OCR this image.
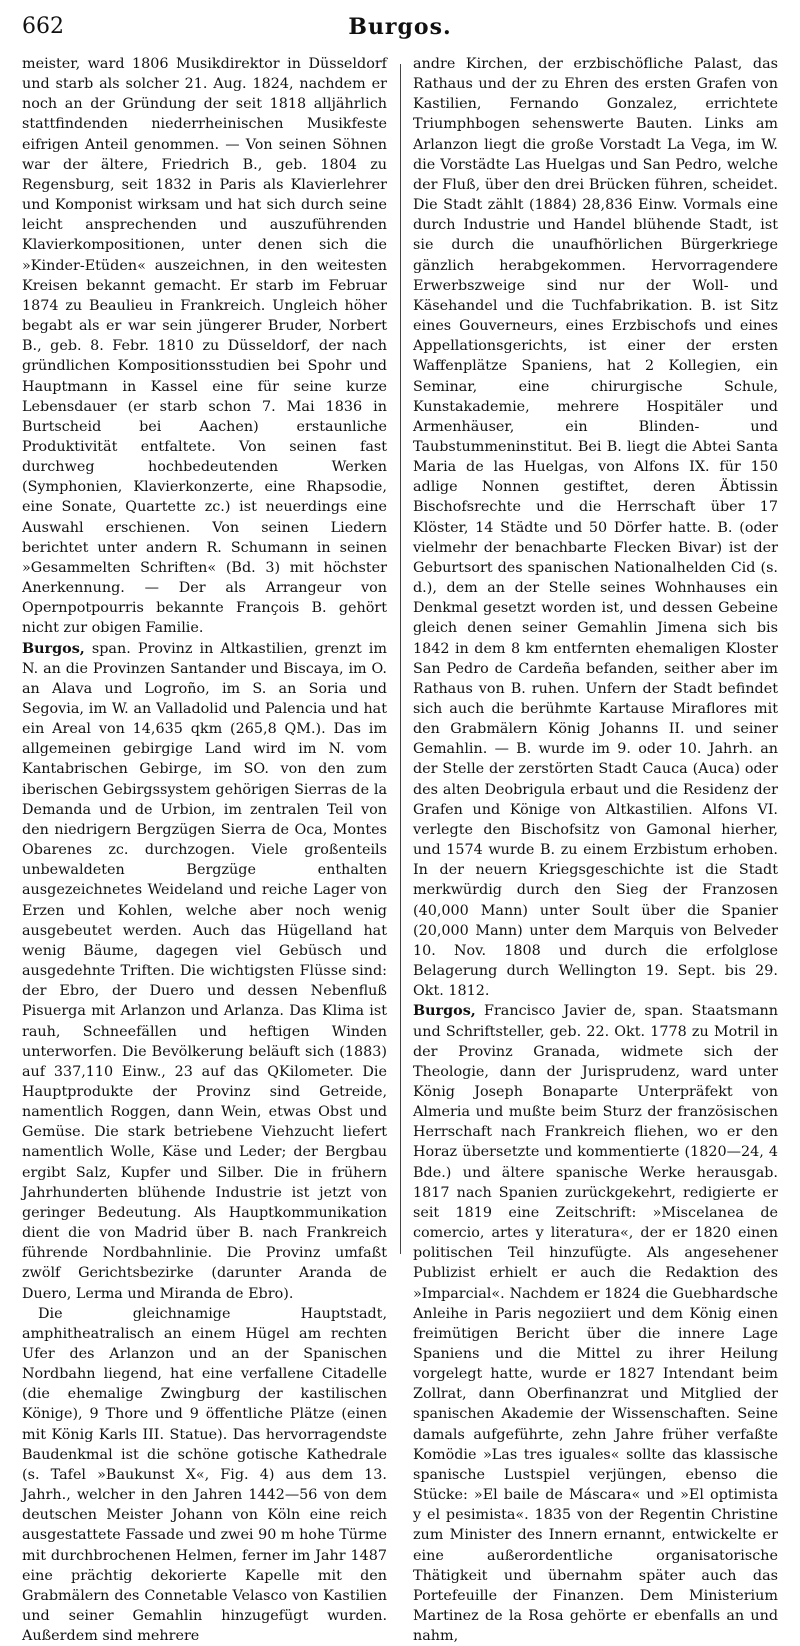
662	Burgos.

meister, ward 1806 Musikdirektor in Düsseldorf und starb als solcher 21. Aug. 1824, nachdem er noch an der Gründung der seit 1818 alljährlich stattfindenden niederrheinischen Musikfeste eifrigen Anteil genommen. — Von seinen Söhnen war der ältere, Friedrich B., geb. 1804 zu Regensburg, seit 1832 in Paris als Klavierlehrer und Komponist wirksam und hat sich durch seine leicht ansprechenden und auszuführenden Klavierkompositionen, unter denen sich die »Kinder-Etüden« auszeichnen, in den weitesten Kreisen bekannt gemacht. Er starb im Februar 1874 zu Beaulieu in Frankreich. Ungleich höher begabt als er war sein jüngerer Bruder, Norbert B., geb. 8. Febr. 1810 zu Düsseldorf, der nach gründlichen Kompositionsstudien bei Spohr und Hauptmann in Kassel eine für seine kurze Lebensdauer (er starb schon 7. Mai 1836 in Burtscheid bei Aachen) erstaunliche Produktivität entfaltete. Von seinen fast durchweg hochbedeutenden Werken (Symphonien, Klavierkonzerte, eine Rhapsodie, eine Sonate, Quartette zc.) ist neuerdings eine Auswahl erschienen. Von seinen Liedern berichtet unter andern R. Schumann in seinen »Gesammelten Schriften« (Bd. 3) mit höchster Anerkennung. — Der als Arrangeur von Opernpotpourris bekannte François B. gehört nicht zur obigen Familie.

Burgos, span. Provinz in Altkastilien, grenzt im N. an die Provinzen Santander und Biscaya, im O. an Alava und Logroño, im S. an Soria und Segovia, im W. an Valladolid und Palencia und hat ein Areal von 14,635 qkm (265,8 QM.). Das im allgemeinen gebirgige Land wird im N. vom Kantabrischen Gebirge, im SO. von den zum iberischen Gebirgssystem gehörigen Sierras de la Demanda und de Urbion, im zentralen Teil von den niedrigern Bergzügen Sierra de Oca, Montes Obarenes zc. durchzogen. Viele großenteils unbewaldeten Bergzüge enthalten ausgezeichnetes Weideland und reiche Lager von Erzen und Kohlen, welche aber noch wenig ausgebeutet werden. Auch das Hügelland hat wenig Bäume, dagegen viel Gebüsch und ausgedehnte Triften. Die wichtigsten Flüsse sind: der Ebro, der Duero und dessen Nebenfluß Pisuerga mit Arlanzon und Arlanza. Das Klima ist rauh, Schneefällen und heftigen Winden unterworfen. Die Bevölkerung beläuft sich (1883) auf 337,110 Einw., 23 auf das QKilometer. Die Hauptprodukte der Provinz sind Getreide, namentlich Roggen, dann Wein, etwas Obst und Gemüse. Die stark betriebene Viehzucht liefert namentlich Wolle, Käse und Leder; der Bergbau ergibt Salz, Kupfer und Silber. Die in frühern Jahrhunderten blühende Industrie ist jetzt von geringer Bedeutung. Als Hauptkommunikation dient die von Madrid über B. nach Frankreich führende Nordbahnlinie. Die Provinz umfaßt zwölf Gerichtsbezirke (darunter Aranda de Duero, Lerma und Miranda de Ebro).

Die gleichnamige Hauptstadt, amphitheatralisch an einem Hügel am rechten Ufer des Arlanzon und an der Spanischen Nordbahn liegend, hat eine verfallene Citadelle (die ehemalige Zwingburg der kastilischen Könige), 9 Thore und 9 öffentliche Plätze (einen mit König Karls III. Statue). Das hervorragendste Baudenkmal ist die schöne gotische Kathedrale (s. Tafel »Baukunst X«, Fig. 4) aus dem 13. Jahrh., welcher in den Jahren 1442—56 von dem deutschen Meister Johann von Köln eine reich ausgestattete Fassade und zwei 90 m hohe Türme mit durchbrochenen Helmen, ferner im Jahr 1487 eine prächtig dekorierte Kapelle mit den Grabmälern des Connetable Velasco von Kastilien und seiner Gemahlin hinzugefügt wurden. Außerdem sind mehrere

andre Kirchen, der erzbischöfliche Palast, das Rathaus und der zu Ehren des ersten Grafen von Kastilien, Fernando Gonzalez, errichtete Triumphbogen sehenswerte Bauten. Links am Arlanzon liegt die große Vorstadt La Vega, im W. die Vorstädte Las Huelgas und San Pedro, welche der Fluß, über den drei Brücken führen, scheidet. Die Stadt zählt (1884) 28,836 Einw. Vormals eine durch Industrie und Handel blühende Stadt, ist sie durch die unaufhörlichen Bürgerkriege gänzlich herabgekommen. Hervorragendere Erwerbszweige sind nur der Woll- und Käsehandel und die Tuchfabrikation. B. ist Sitz eines Gouverneurs, eines Erzbischofs und eines Appellationsgerichts, ist einer der ersten Waffenplätze Spaniens, hat 2 Kollegien, ein Seminar, eine chirurgische Schule, Kunstakademie, mehrere Hospitäler und Armenhäuser, ein Blinden- und Taubstummeninstitut. Bei B. liegt die Abtei Santa Maria de las Huelgas, von Alfons IX. für 150 adlige Nonnen gestiftet, deren Äbtissin Bischofsrechte und die Herrschaft über 17 Klöster, 14 Städte und 50 Dörfer hatte. B. (oder vielmehr der benachbarte Flecken Bivar) ist der Geburtsort des spanischen Nationalhelden Cid (s. d.), dem an der Stelle seines Wohnhauses ein Denkmal gesetzt worden ist, und dessen Gebeine gleich denen seiner Gemahlin Jimena sich bis 1842 in dem 8 km entfernten ehemaligen Kloster San Pedro de Cardeña befanden, seither aber im Rathaus von B. ruhen. Unfern der Stadt befindet sich auch die berühmte Kartause Miraflores mit den Grabmälern König Johanns II. und seiner Gemahlin. — B. wurde im 9. oder 10. Jahrh. an der Stelle der zerstörten Stadt Cauca (Auca) oder des alten Deobrigula erbaut und die Residenz der Grafen und Könige von Altkastilien. Alfons VI. verlegte den Bischofsitz von Gamonal hierher, und 1574 wurde B. zu einem Erzbistum erhoben. In der neuern Kriegsgeschichte ist die Stadt merkwürdig durch den Sieg der Franzosen (40,000 Mann) unter Soult über die Spanier (20,000 Mann) unter dem Marquis von Belveder 10. Nov. 1808 und durch die erfolglose Belagerung durch Wellington 19. Sept. bis 29. Okt. 1812.

Burgos, Francisco Javier de, span. Staatsmann und Schriftsteller, geb. 22. Okt. 1778 zu Motril in der Provinz Granada, widmete sich der Theologie, dann der Jurisprudenz, ward unter König Joseph Bonaparte Unterpräfekt von Almeria und mußte beim Sturz der französischen Herrschaft nach Frankreich fliehen, wo er den Horaz übersetzte und kommentierte (1820—24, 4 Bde.) und ältere spanische Werke herausgab. 1817 nach Spanien zurückgekehrt, redigierte er seit 1819 eine Zeitschrift: »Miscelanea de comercio, artes y literatura«, der er 1820 einen politischen Teil hinzufügte. Als angesehener Publizist erhielt er auch die Redaktion des »Imparcial«. Nachdem er 1824 die Guebhardsche Anleihe in Paris negoziiert und dem König einen freimütigen Bericht über die innere Lage Spaniens und die Mittel zu ihrer Heilung vorgelegt hatte, wurde er 1827 Intendant beim Zollrat, dann Oberfinanzrat und Mitglied der spanischen Akademie der Wissenschaften. Seine damals aufgeführte, zehn Jahre früher verfaßte Komödie »Las tres iguales« sollte das klassische spanische Lustspiel verjüngen, ebenso die Stücke: »El baile de Máscara« und »El optimista y el pesimista«. 1835 von der Regentin Christine zum Minister des Innern ernannt, entwickelte er eine außerordentliche organisatorische Thätigkeit und übernahm später auch das Portefeuille der Finanzen. Dem Ministerium Martinez de la Rosa gehörte er ebenfalls an und nahm,
